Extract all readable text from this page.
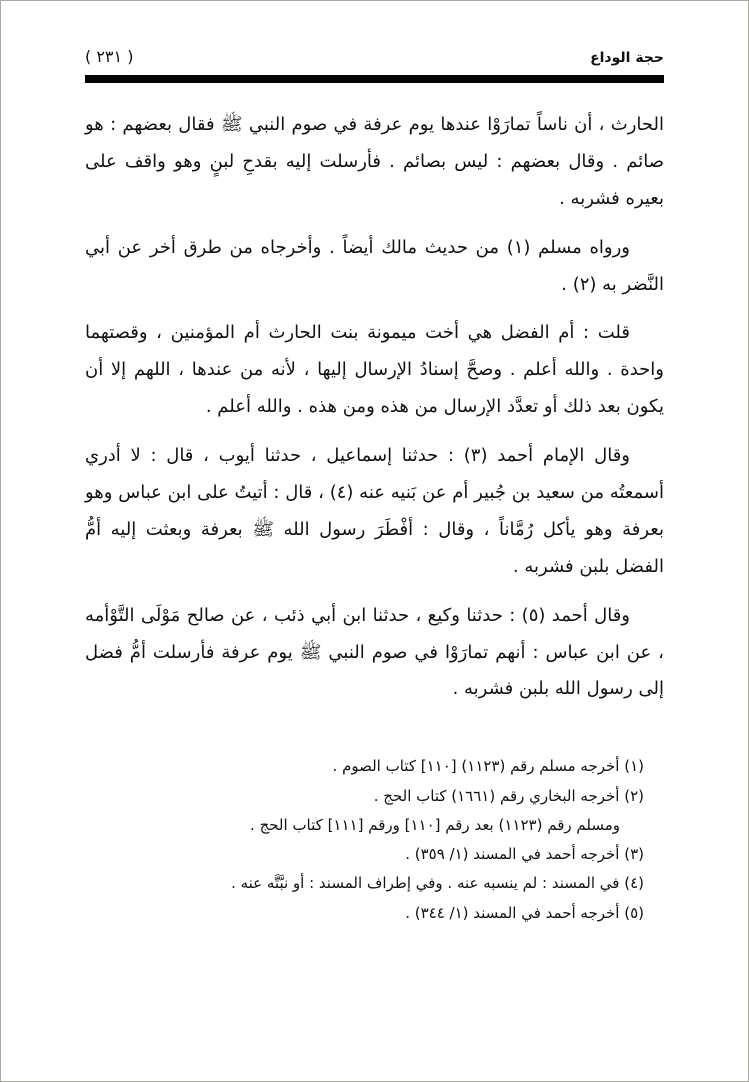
حجة الوداع
( ٢٣١ )

الحارث ، أن ناساً تمارَوْا عندها يوم عرفة في صوم النبي ﷺ فقال بعضهم : هو صائم . وقال بعضهم : ليس بصائم . فأرسلت إليه بقدحِ لبنٍ وهو واقف على بعيره فشربه .

ورواه مسلم (١) من حديث مالك أيضاً . وأخرجاه من طرق أخر عن أبي النَّضر به (٢) .

قلت : أم الفضل هي أخت ميمونة بنت الحارث أم المؤمنين ، وقصتهما واحدة . والله أعلم . وصحَّ إسنادُ الإرسال إليها ، لأنه من عندها ، اللهم إلا أن يكون بعد ذلك أو تعدَّد الإرسال من هذه ومن هذه . والله أعلم .

وقال الإمام أحمد (٣) : حدثنا إسماعيل ، حدثنا أيوب ، قال : لا أدري أسمعتُه من سعيد بن جُبير أم عن بَنيه عنه (٤) ، قال : أتيتُ على ابن عباس وهو بعرفة وهو يأكل رُمَّاناً ، وقال : أفْطَرَ رسول الله ﷺ بعرفة وبعثت إليه أمُّ الفضل بلبن فشربه .

وقال أحمد (٥) : حدثنا وكيع ، حدثنا ابن أبي ذئب ، عن صالح مَوْلَى التَّوْأمه ، عن ابن عباس : أنهم تمارَوْا في صوم النبي ﷺ يوم عرفة فأرسلت أمُّ فضل إلى رسول الله بلبن فشربه .

(١) أخرجه مسلم رقم (١١٢٣) [١١٠] كتاب الصوم .

(٢) أخرجه البخاري رقم (١٦٦١) كتاب الحج .

ومسلم رقم (١١٢٣) بعد رقم [١١٠] ورقم [١١١] كتاب الحج .

(٣) أخرجه أحمد في المسند (١/ ٣٥٩) .

(٤) في المسند : لم ينسبه عنه . وفي إطراف المسند : أو نبَّتَّه عنه .

(٥) أخرجه أحمد في المسند (١/ ٣٤٤) .
